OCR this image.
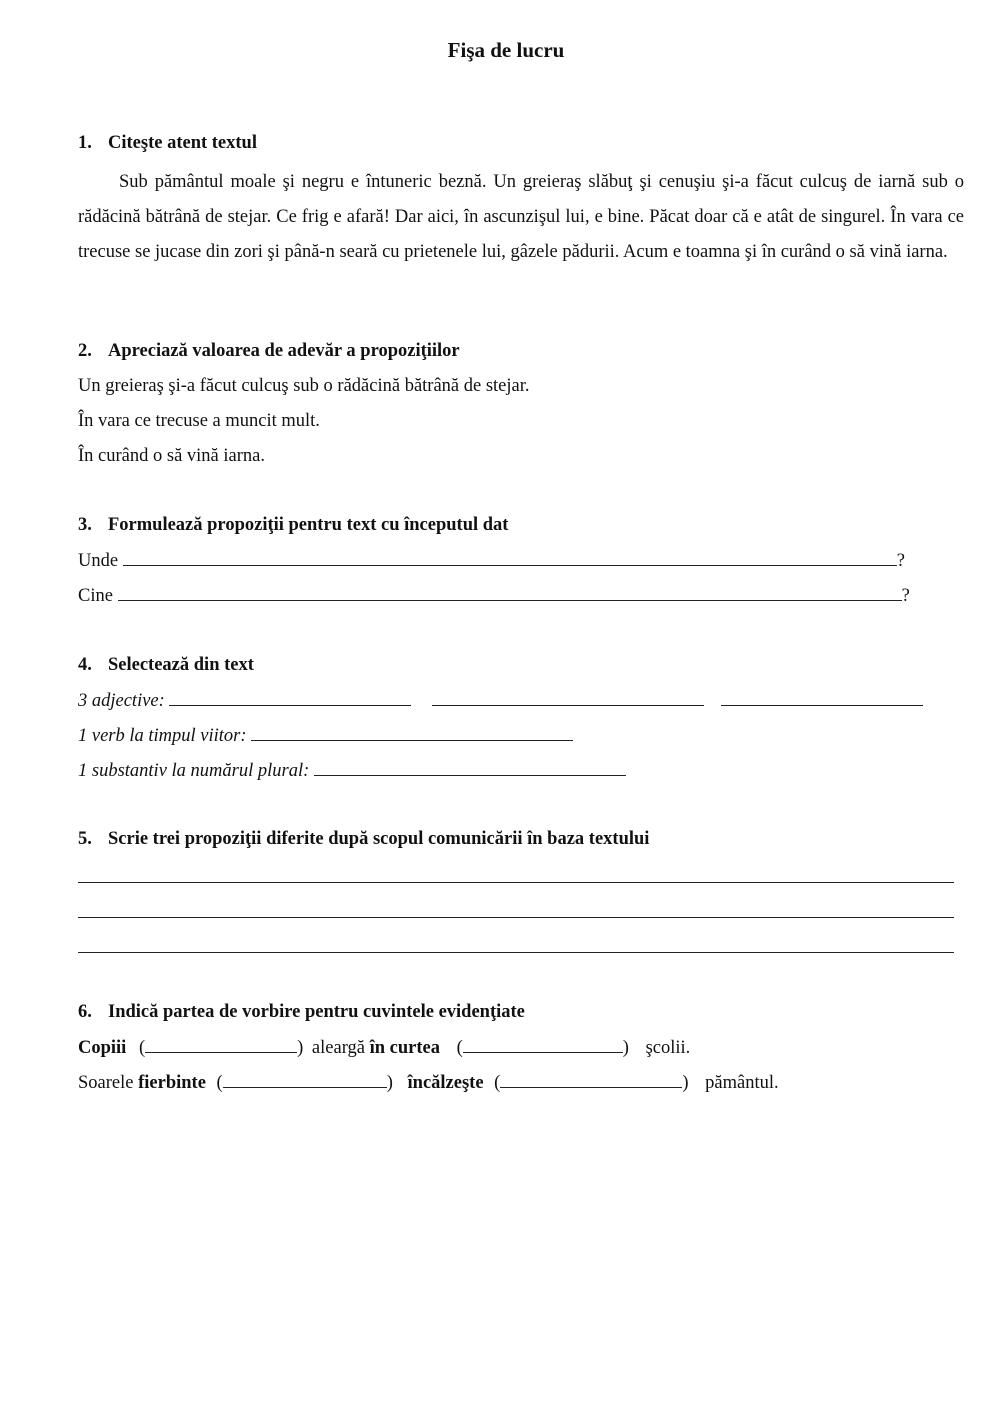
Fişa de lucru
1. Citeşte atent textul
Sub pământul moale şi negru e întuneric beznă. Un greieraş slăbuţ şi cenuşiu şi-a făcut culcuş de iarnă sub o rădăcină bătrână de stejar. Ce frig e afară! Dar aici, în ascunzişul lui, e bine. Păcat doar că e atât de singurel. În vara ce trecuse se jucase din zori şi până-n seară cu prietenele lui, gâzele pădurii. Acum e toamna şi în curând o să vină iarna.
2. Apreciază valoarea de adevăr a propoziţiilor
Un greieraş şi-a făcut culcuş sub o rădăcină bătrână de stejar.
În vara ce trecuse a muncit mult.
În curând o să vină iarna.
3. Formulează propoziţii pentru text cu începutul dat
Unde	?
Cine	?
4. Selectează din text
3 adjective:
1 verb la timpul viitor:
1 substantiv la numărul plural:
5. Scrie trei propoziţii diferite după scopul comunicării în baza textului
6. Indică partea de vorbire pentru cuvintele evidenţiate
Copiii (	) aleargă în curtea (	) şcolii.
Soarele fierbinte (	) încălzeşte (	) pământul.
